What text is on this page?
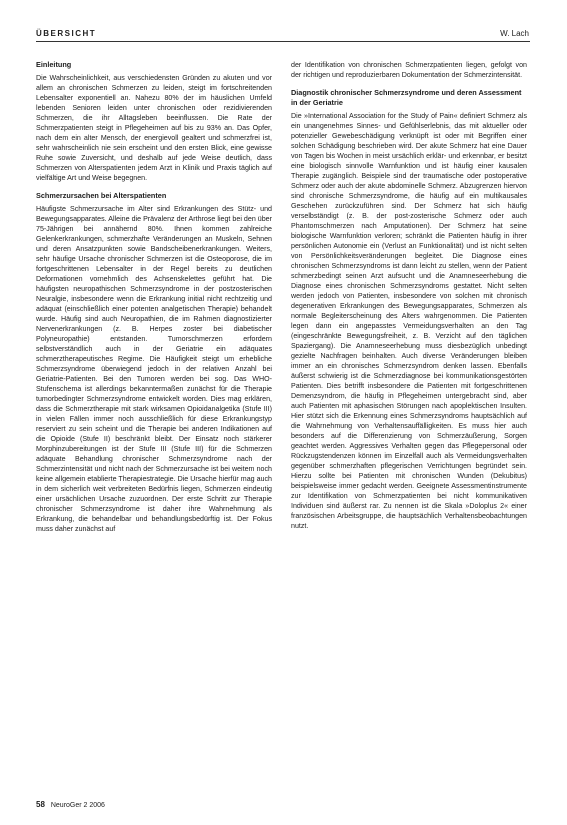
ÜBERSICHT	W. Lach
Einleitung

Die Wahrscheinlichkeit, aus verschiedensten Gründen zu akuten und vor allem an chronischen Schmerzen zu leiden, steigt im fortschreitenden Lebensalter exponentiell an. Nahezu 80% der im häuslichen Umfeld lebenden Senioren leiden unter chronischen oder rezidivierenden Schmerzen, die ihr Alltagsleben beeinflussen. Die Rate der Schmerzpatienten steigt in Pflegeheimen auf bis zu 93% an. Das Opfer, nach dem ein alter Mensch, der energievoll gealtert und schmerzfrei ist, sehr wahrscheinlich nie sein erscheint und den ersten Blick, eine gewisse Ruhe sowie Zuversicht, und deshalb auf jede Weise deutlich, dass Schmerzen von Alterspatienten jedem Arzt in Klinik und Praxis täglich auf vielfältige Art und Weise begegnen.

Schmerzursachen bei Alterspatienten

Häufigste Schmerzursache im Alter sind Erkrankungen des Stütz- und Bewegungsapparates. Alleine die Prävalenz der Arthrose liegt bei den über 75-Jährigen bei annähernd 80%. Ihnen kommen zahlreiche Gelenkerkrankungen, schmerzhafte Veränderungen an Muskeln, Sehnen und deren Ansatzpunkten sowie Bandscheibenerkrankungen. Weiters, sehr häufige Ursache chronischer Schmerzen ist die Osteoporose, die im fortgeschrittenen Lebensalter in der Regel bereits zu deutlichen Deformationen vornehmlich des Achsenskelettes geführt hat. Die häufigsten neuropathischen Schmerzsyndrome in der postzosterischen Neuralgie, insbesondere wenn die Erkrankung initial nicht rechtzeitig und adäquat (einschließlich einer potenten analgetischen Therapie) behandelt wurde. Häufig sind auch Neuropathien, die im Rahmen diagnostizierter Nervenerkrankungen (z. B. Herpes zoster bei diabetischer Polyneuropathie) entstanden. Tumorschmerzen erfordern selbstverständlich auch in der Geriatrie ein adäquates schmerztherapeutisches Regime. Die Häufigkeit steigt um erhebliche Schmerzsyndrome überwiegend jedoch in der relativen Anzahl bei Geriatrie-Patienten. Bei den Tumoren werden bei sog. Das WHO-Stufenschema ist allerdings bekanntermaßen zunächst für die Therapie tumorbedingter Schmerzsyndrome entwickelt worden. Dies mag erklären, dass die Schmerztherapie mit stark wirksamen Opioidanalgetika (Stufe III) in vielen Fällen immer noch ausschließlich für diese Erkrankungstyp reserviert zu sein scheint und die Therapie bei anderen Indikationen auf die Opioide (Stufe II) beschränkt bleibt. Der Einsatz noch stärkerer Morphinzubereitungen ist der Stufe III (Stufe III) für die Schmerzen adäquate Behandlung chronischer Schmerzsyndrome nach der Schmerzintensität und nicht nach der Schmerzursache ist bei weitem noch keine allgemein etablierte Therapiestrategie. Die Ursache hierfür mag auch in dem sicherlich weit verbreiteten Bedürfnis liegen, Schmerzen eindeutig einer ursächlichen Ursache zuzuordnen. Der erste Schritt zur Therapie chronischer Schmerzsyndrome ist daher ihre Wahrnehmung als Erkrankung, die behandelbar und behandlungsbedürftig ist. Der Fokus muss daher zunächst auf

der Identifikation von chronischen Schmerzpatienten liegen, gefolgt von der richtigen und reproduzierbaren Dokumentation der Schmerzintensität.

Diagnostik chronischer Schmerzsyndrome und deren Assessment in der Geriatrie

Die »International Association for the Study of Pain« definiert Schmerz als ein unangenehmes Sinnes- und Gefühlserlebnis, das mit aktueller oder potenzieller Gewebeschädigung verknüpft ist oder mit Begriffen einer solchen Schädigung beschrieben wird. Der akute Schmerz hat eine Dauer von Tagen bis Wochen in meist ursächlich erklär- und erkennbar, er besitzt eine biologisch sinnvolle Warnfunktion und ist häufig einer kausalen Therapie zugänglich. Beispiele sind der traumatische oder postoperative Schmerz oder auch der akute abdominelle Schmerz. Abzugrenzen hiervon sind chronische Schmerzsyndrome, die häufig auf ein multikausales Geschehen zurückzuführen sind. Der Schmerz hat sich häufig verselbständigt (z. B. der post-zosterische Schmerz oder auch Phantomschmerzen nach Amputationen). Der Schmerz hat seine biologische Warnfunktion verloren; schränkt die Patienten häufig in ihrer persönlichen Autonomie ein (Verlust an Funktionalität) und ist nicht selten von Persönlichkeitsveränderungen begleitet. Die Diagnose eines chronischen Schmerzsyndroms ist dann leicht zu stellen, wenn der Patient schmerzbedingt seinen Arzt aufsucht und die Anamneseerhebung die Diagnose eines chronischen Schmerzsyndroms gestattet. Nicht selten werden jedoch von Patienten, insbesondere von solchen mit chronisch degenerativen Erkrankungen des Bewegungsapparates, Schmerzen als normale Begleiterscheinung des Alters wahrgenommen. Die Patienten legen dann ein angepasstes Vermeidungsverhalten an den Tag (eingeschränkte Bewegungsfreiheit, z. B. Verzicht auf den täglichen Spaziergang). Die Anamneseerhebung muss diesbezüglich unbedingt gezielte Nachfragen beinhalten. Auch diverse Veränderungen bleiben immer an ein chronisches Schmerzsyndrom denken lassen. Ebenfalls äußerst schwierig ist die Schmerzdiagnose bei kommunikationsgestörten Patienten. Dies betrifft insbesondere die Patienten mit fortgeschrittenen Demenzsyndrom, die häufig in Pflegeheimen untergebracht sind, aber auch Patienten mit aphasischen Störungen nach apoplektischen Insulten. Hier stützt sich die Erkennung eines Schmerzsyndroms hauptsächlich auf die Wahrnehmung von Verhaltensauffälligkeiten. Es muss hier auch besonders auf die Differenzierung von Schmerzäußerung, Sorgen geachtet werden. Aggressives Verhalten gegen das Pflegepersonal oder Rückzugstendenzen können im Einzelfall auch als Vermeidungsverhalten gegenüber schmerzhaften pflegerischen Verrichtungen begründet sein. Hierzu sollte bei Patienten mit chronischen Wunden (Dekubitus) beispielsweise immer gedacht werden. Geeignete Assessmentinstrumente zur Identifikation von Schmerzpatienten bei nicht kommunikativen Individuen sind äußerst rar. Zu nennen ist die Skala »Doloplus 2« einer französischen Arbeitsgruppe, die hauptsächlich Verhaltensbeobachtungen nutzt.

58 NeuroGer 2 2006
